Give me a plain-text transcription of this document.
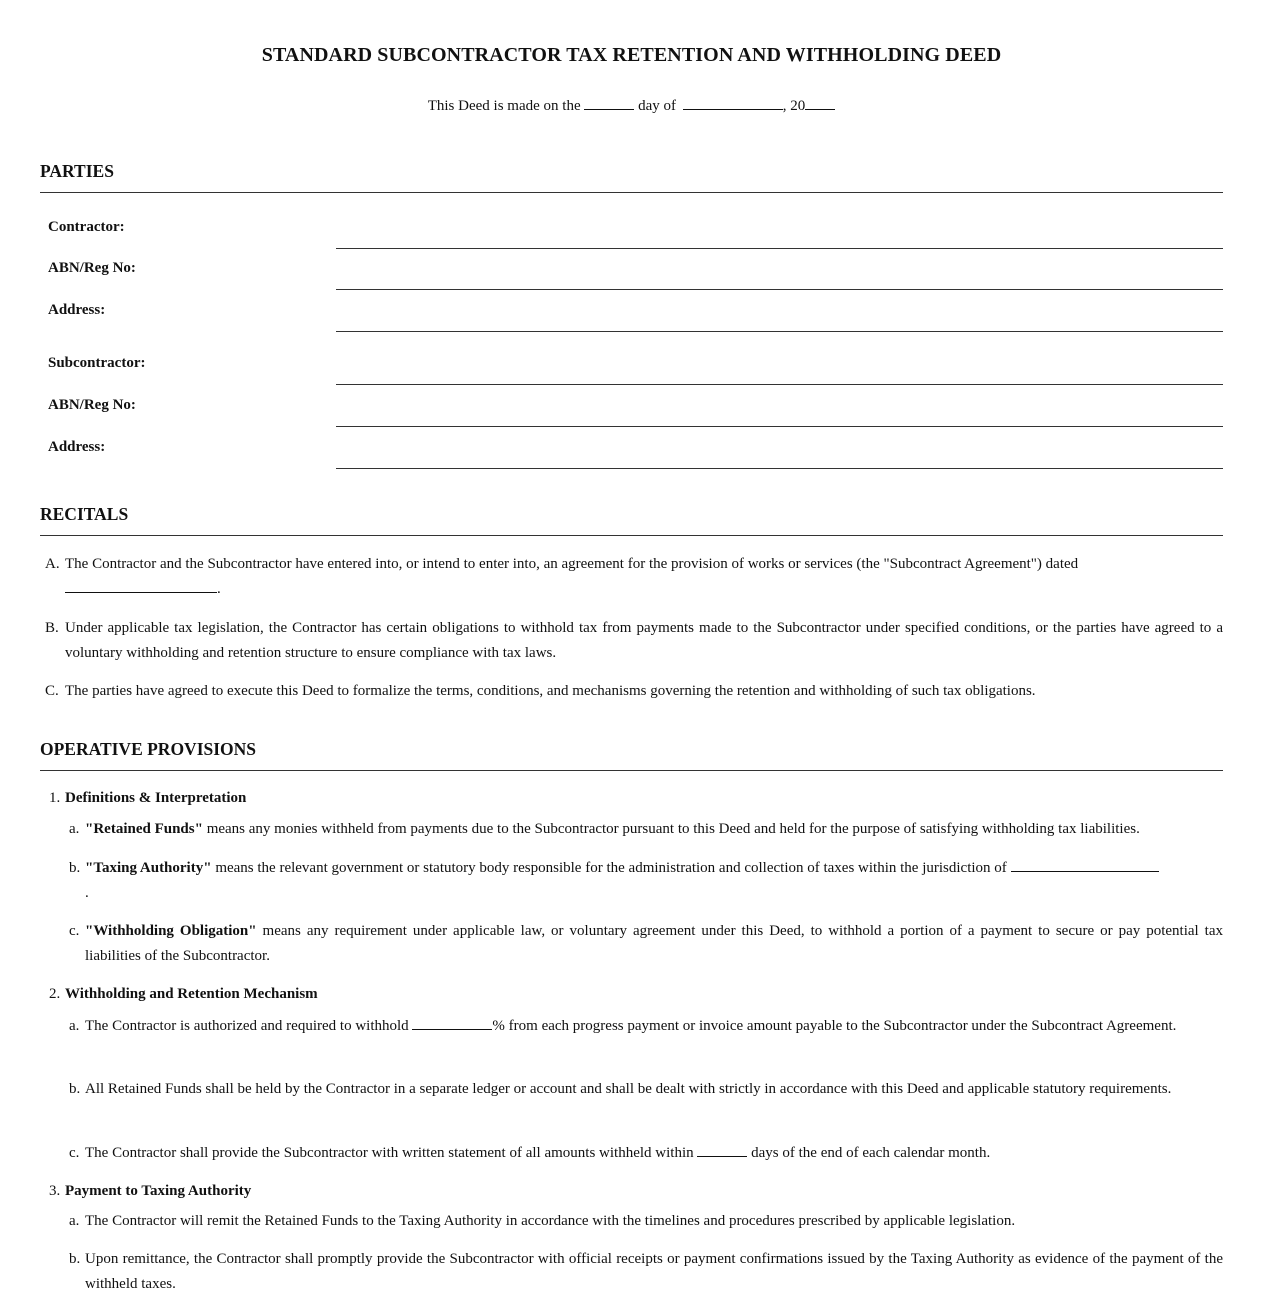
STANDARD SUBCONTRACTOR TAX RETENTION AND WITHHOLDING DEED
This Deed is made on the	day of	, 20
PARTIES
Contractor:
ABN/Reg No:
Address:
Subcontractor:
ABN/Reg No:
Address:
RECITALS
A. The Contractor and the Subcontractor have entered into, or intend to enter into, an agreement for the provision of works or services (the "Subcontract Agreement") dated
.
B. Under applicable tax legislation, the Contractor has certain obligations to withhold tax from payments made to the Subcontractor under specified conditions, or the parties have agreed to a voluntary withholding and retention structure to ensure compliance with tax laws.
C. The parties have agreed to execute this Deed to formalize the terms, conditions, and mechanisms governing the retention and withholding of such tax obligations.
OPERATIVE PROVISIONS
1. Definitions & Interpretation
a. "Retained Funds" means any monies withheld from payments due to the Subcontractor pursuant to this Deed and held for the purpose of satisfying withholding tax liabilities.
b. "Taxing Authority" means the relevant government or statutory body responsible for the administration and collection of taxes within the jurisdiction of
.
c. "Withholding Obligation" means any requirement under applicable law, or voluntary agreement under this Deed, to withhold a portion of a payment to secure or pay potential tax liabilities of the Subcontractor.
2. Withholding and Retention Mechanism
a. The Contractor is authorized and required to withhold	% from each progress payment or invoice amount payable to the Subcontractor under the Subcontract Agreement.
b. All Retained Funds shall be held by the Contractor in a separate ledger or account and shall be dealt with strictly in accordance with this Deed and applicable statutory requirements.
c. The Contractor shall provide the Subcontractor with written statement of all amounts withheld within	days of the end of each calendar month.
3. Payment to Taxing Authority
a. The Contractor will remit the Retained Funds to the Taxing Authority in accordance with the timelines and procedures prescribed by applicable legislation.
b. Upon remittance, the Contractor shall promptly provide the Subcontractor with official receipts or payment confirmations issued by the Taxing Authority as evidence of the payment of the withheld taxes.
